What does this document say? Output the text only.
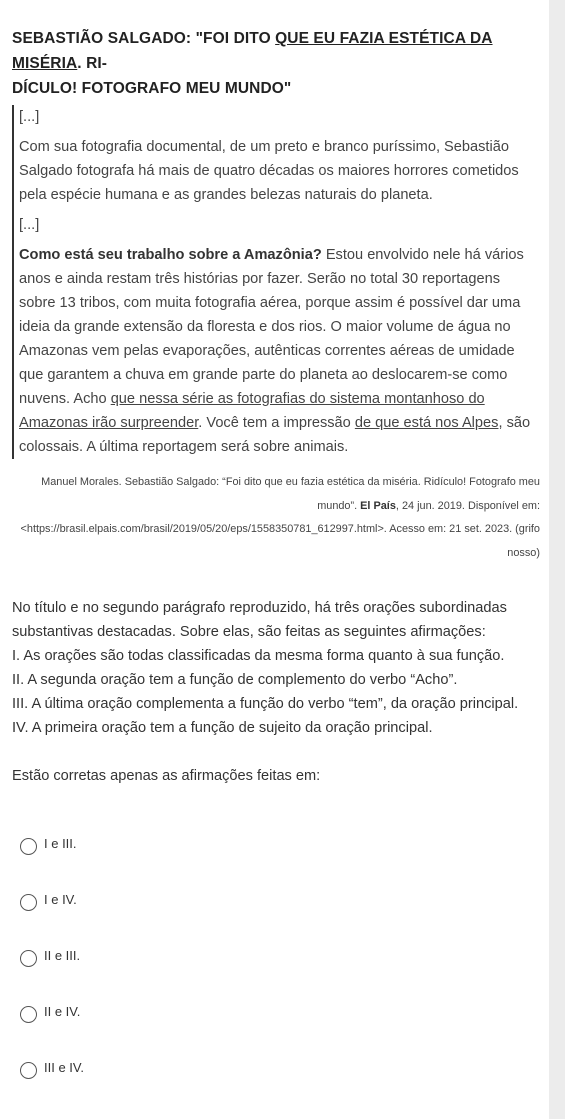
SEBASTIÃO SALGADO: "FOI DITO QUE EU FAZIA ESTÉTICA DA MISÉRIA. RI-
DÍCULO! FOTOGRAFO MEU MUNDO"

[...]

Com sua fotografia documental, de um preto e branco puríssimo, Sebastião Salgado fotografa há mais de quatro décadas os maiores horrores cometidos pela espécie humana e as grandes belezas naturais do planeta.

[...]

Como está seu trabalho sobre a Amazônia? Estou envolvido nele há vários anos e ainda restam três histórias por fazer. Serão no total 30 reportagens sobre 13 tribos, com muita fotografia aérea, porque assim é possível dar uma ideia da grande extensão da floresta e dos rios. O maior volume de água no Amazonas vem pelas evaporações, autênticas correntes aéreas de umidade que garantem a chuva em grande parte do planeta ao deslocarem-se como nuvens. Acho que nessa série as fotografias do sistema montanhoso do Amazonas irão surpreender. Você tem a impressão de que está nos Alpes, são colossais. A última reportagem será sobre animais.

Manuel Morales. Sebastião Salgado: “Foi dito que eu fazia estética da miséria. Ridículo! Fotografo meu mundo”. El País, 24 jun. 2019. Disponível em: <https://brasil.elpais.com/brasil/2019/05/20/eps/1558350781_612997.html>. Acesso em: 21 set. 2023. (grifo nosso)

No título e no segundo parágrafo reproduzido, há três orações subordinadas substantivas destacadas. Sobre elas, são feitas as seguintes afirmações:

I. As orações são todas classificadas da mesma forma quanto à sua função.

II. A segunda oração tem a função de complemento do verbo “Acho”.

III. A última oração complementa a função do verbo “tem”, da oração principal.

IV. A primeira oração tem a função de sujeito da oração principal.

Estão corretas apenas as afirmações feitas em:

I e III.
I e IV.
II e III.
II e IV.
III e IV.
